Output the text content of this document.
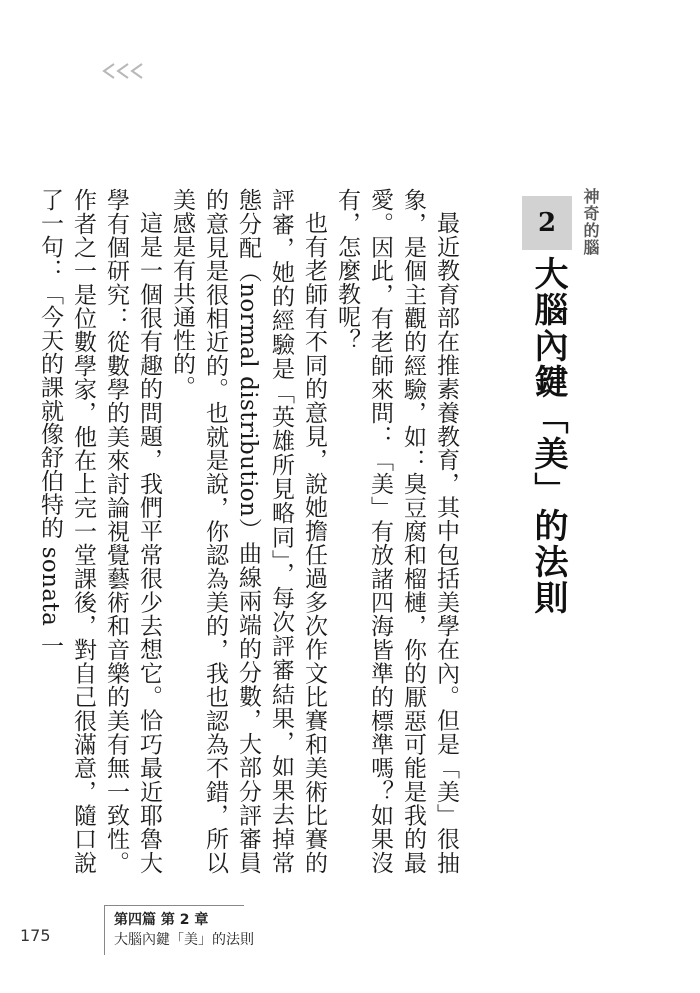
神奇的腦
2
大腦內鍵「美」的法則

最近教育部在推素養教育，其中包括美學在內。但是「美」很抽象，是個主觀的經驗，如：臭豆腐和榴槤，你的厭惡可能是我的最愛。因此，有老師來問：「美」有放諸四海皆準的標準嗎？如果沒有，怎麼教呢？

也有老師有不同的意見，說她擔任過多次作文比賽和美術比賽的評審，她的經驗是「英雄所見略同」，每次評審結果，如果去掉常態分配（normal distribution）曲線兩端的分數，大部分評審員的意見是很相近的。也就是說，你認為美的，我也認為不錯，所以美感是有共通性的。

這是一個很有趣的問題，我們平常很少去想它。恰巧最近耶魯大學有個研究：從數學的美來討論視覺藝術和音樂的美有無一致性。作者之一是位數學家，他在上完一堂課後，對自己很滿意，隨口說了一句：「今天的課就像舒伯特的 sonata 一

175
第四篇 第 2 章
大腦內鍵「美」的法則
